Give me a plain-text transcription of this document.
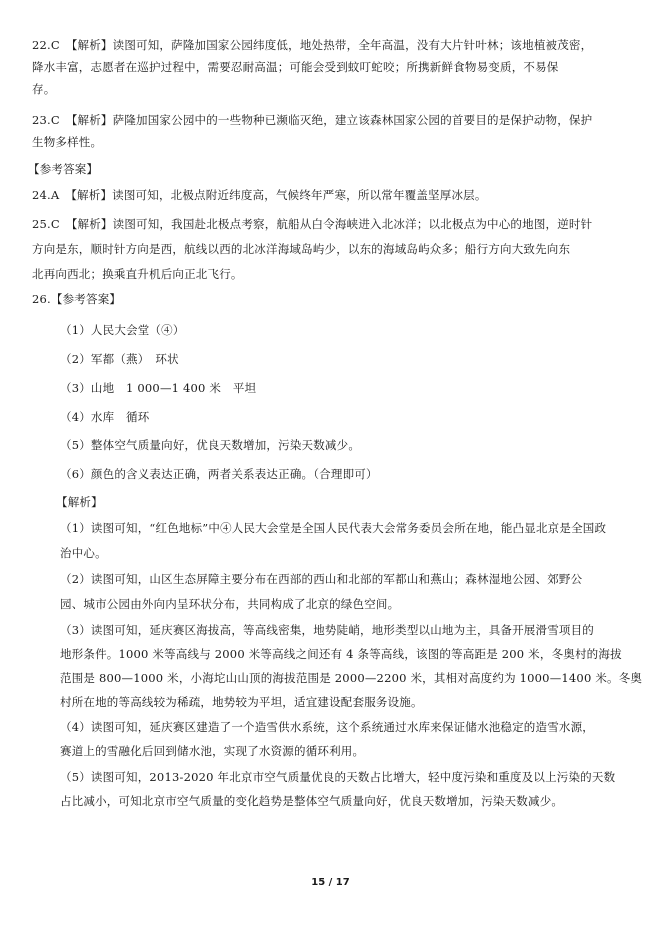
22.C　【解析】读图可知，萨隆加国家公园纬度低，地处热带，全年高温，没有大片针叶林；该地植被茂密，
降水丰富，志愿者在巡护过程中，需要忍耐高温；可能会受到蚊叮蛇咬；所携新鲜食物易变质，不易保
存。
23.C　【解析】萨隆加国家公园中的一些物种已濒临灭绝，建立该森林国家公园的首要目的是保护动物，保护
生物多样性。
【参考答案】
24.A　【解析】读图可知，北极点附近纬度高，气候终年严寒，所以常年覆盖坚厚冰层。
25.C　【解析】读图可知，我国赴北极点考察，航船从白令海峡进入北冰洋；以北极点为中心的地图，逆时针
方向是东，顺时针方向是西，航线以西的北冰洋海域岛屿少，以东的海域岛屿众多；船行方向大致先向东
北再向西北；换乘直升机后向正北飞行。
26.【参考答案】
（1）人民大会堂（④）
（2）军都（燕）　环状
（3）山地　1 000—1 400 米　平坦
（4）水库　循环
（5）整体空气质量向好，优良天数增加，污染天数减少。
（6）颜色的含义表达正确，两者关系表达正确。（合理即可）
【解析】
（1）读图可知，“红色地标”中④人民大会堂是全国人民代表大会常务委员会所在地，能凸显北京是全国政
治中心。
（2）读图可知，山区生态屏障主要分布在西部的西山和北部的军都山和燕山；森林湿地公园、郊野公
园、城市公园由外向内呈环状分布，共同构成了北京的绿色空间。
（3）读图可知，延庆赛区海拔高，等高线密集，地势陡峭，地形类型以山地为主，具备开展滑雪项目的
地形条件。1000 米等高线与 2000 米等高线之间还有 4 条等高线，该图的等高距是 200 米，冬奥村的海拔
范围是 800—1000 米，小海坨山山顶的海拔范围是 2000—2200 米，其相对高度约为 1000—1400 米。冬奥
村所在地的等高线较为稀疏，地势较为平坦，适宜建设配套服务设施。
（4）读图可知，延庆赛区建造了一个造雪供水系统，这个系统通过水库来保证储水池稳定的造雪水源，
赛道上的雪融化后回到储水池，实现了水资源的循环利用。
（5）读图可知，2013-2020 年北京市空气质量优良的天数占比增大，轻中度污染和重度及以上污染的天数
占比减小，可知北京市空气质量的变化趋势是整体空气质量向好，优良天数增加，污染天数减少。
15 / 17
